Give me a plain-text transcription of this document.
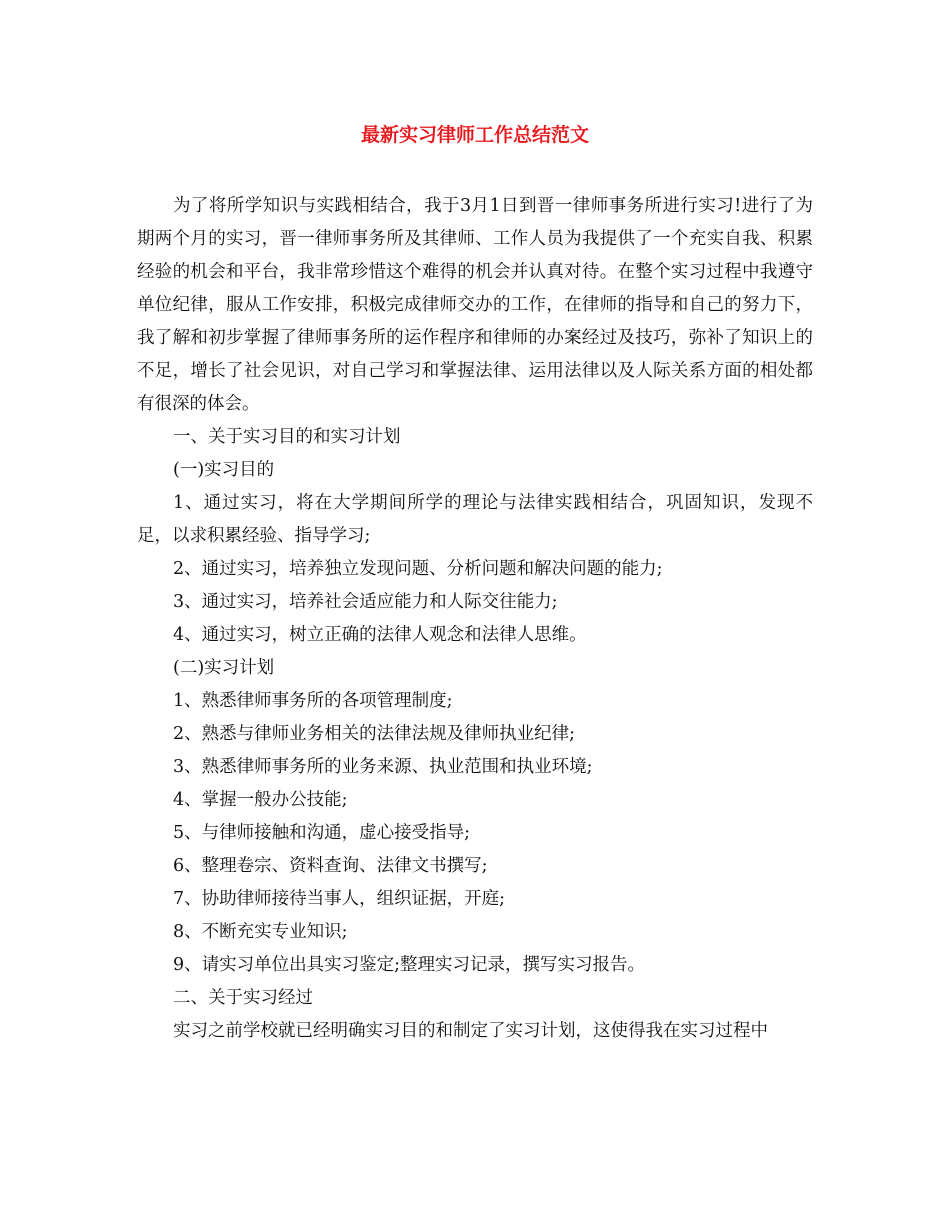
最新实习律师工作总结范文

为了将所学知识与实践相结合，我于3月1日到晋一律师事务所进行实习!进行了为期两个月的实习，晋一律师事务所及其律师、工作人员为我提供了一个充实自我、积累经验的机会和平台，我非常珍惜这个难得的机会并认真对待。在整个实习过程中我遵守单位纪律，服从工作安排，积极完成律师交办的工作，在律师的指导和自己的努力下，我了解和初步掌握了律师事务所的运作程序和律师的办案经过及技巧，弥补了知识上的不足，增长了社会见识，对自己学习和掌握法律、运用法律以及人际关系方面的相处都有很深的体会。

一、关于实习目的和实习计划

(一)实习目的

1、通过实习，将在大学期间所学的理论与法律实践相结合，巩固知识，发现不足，以求积累经验、指导学习;

2、通过实习，培养独立发现问题、分析问题和解决问题的能力;

3、通过实习，培养社会适应能力和人际交往能力;

4、通过实习，树立正确的法律人观念和法律人思维。

(二)实习计划

1、熟悉律师事务所的各项管理制度;

2、熟悉与律师业务相关的法律法规及律师执业纪律;

3、熟悉律师事务所的业务来源、执业范围和执业环境;

4、掌握一般办公技能;

5、与律师接触和沟通，虚心接受指导;

6、整理卷宗、资料查询、法律文书撰写;

7、协助律师接待当事人，组织证据，开庭;

8、不断充实专业知识;

9、请实习单位出具实习鉴定;整理实习记录，撰写实习报告。

二、关于实习经过

实习之前学校就已经明确实习目的和制定了实习计划，这使得我在实习过程中
